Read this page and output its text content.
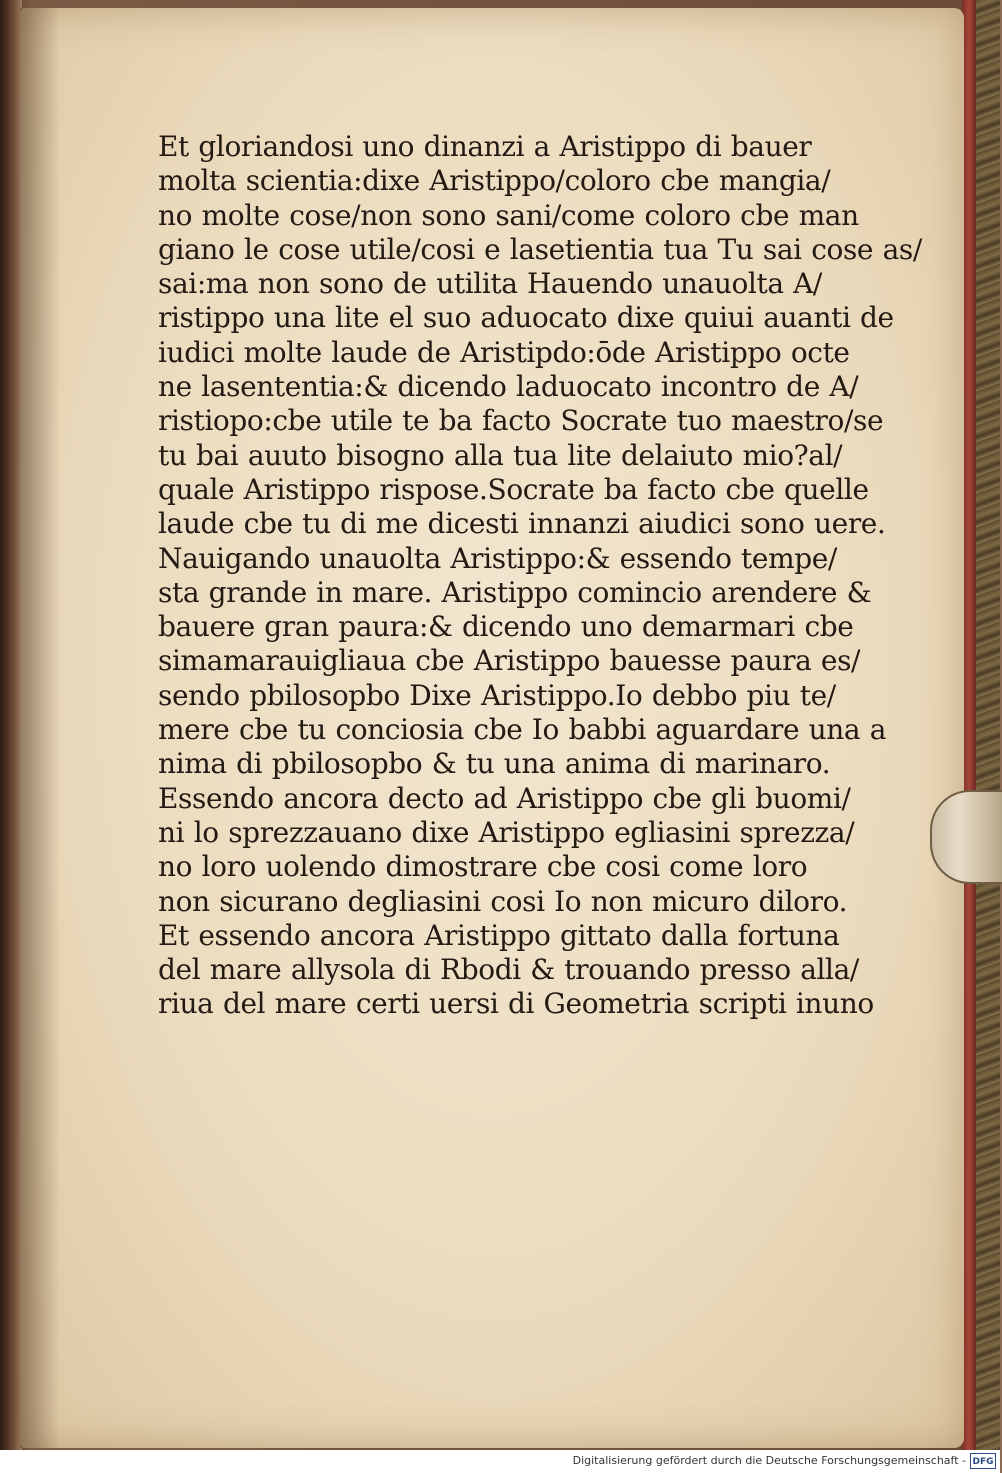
Et gloriandosi uno dinanzi a Aristippo di bauer
molta scientia:dixe Aristippo/coloro cbe mangia/
no molte cose/non sono sani/come coloro cbe man
giano le cose utile/cosi e lasetientia tua Tu sai cose as/
sai:ma non sono de utilita Hauendo unauolta A/
ristippo una lite el suo aduocato dixe quiui auanti de
iudici molte laude de Aristipdo:ōde Aristippo octe
ne lasententia:& dicendo laduocato incontro de A/
ristiopo:cbe utile te ba facto Socrate tuo maestro/se
tu bai auuto bisogno alla tua lite delaiuto mio?al/
quale Aristippo rispose.Socrate ba facto cbe quelle
laude cbe tu di me dicesti innanzi aiudici sono uere.
Nauigando unauolta Aristippo:& essendo tempe/
sta grande in mare. Aristippo comincio arendere &
bauere gran paura:& dicendo uno demarmari cbe
simamarauigliaua cbe Aristippo bauesse paura es/
sendo pbilosopbo Dixe Aristippo.Io debbo piu te/
mere cbe tu conciosia cbe Io babbi aguardare una a
nima di pbilosopbo & tu una anima di marinaro.
Essendo ancora decto ad Aristippo cbe gli buomi/
ni lo sprezzauano dixe Aristippo egliasini sprezza/
no loro uolendo dimostrare cbe cosi come loro
non sicurano degliasini cosi Io non micuro diloro.
Et essendo ancora Aristippo gittato dalla fortuna
del mare allysola di Rbodi & trouando presso alla/
riua del mare certi uersi di Geometria scripti inuno
Digitalisierung gefördert durch die Deutsche Forschungsgemeinschaft - DFG
